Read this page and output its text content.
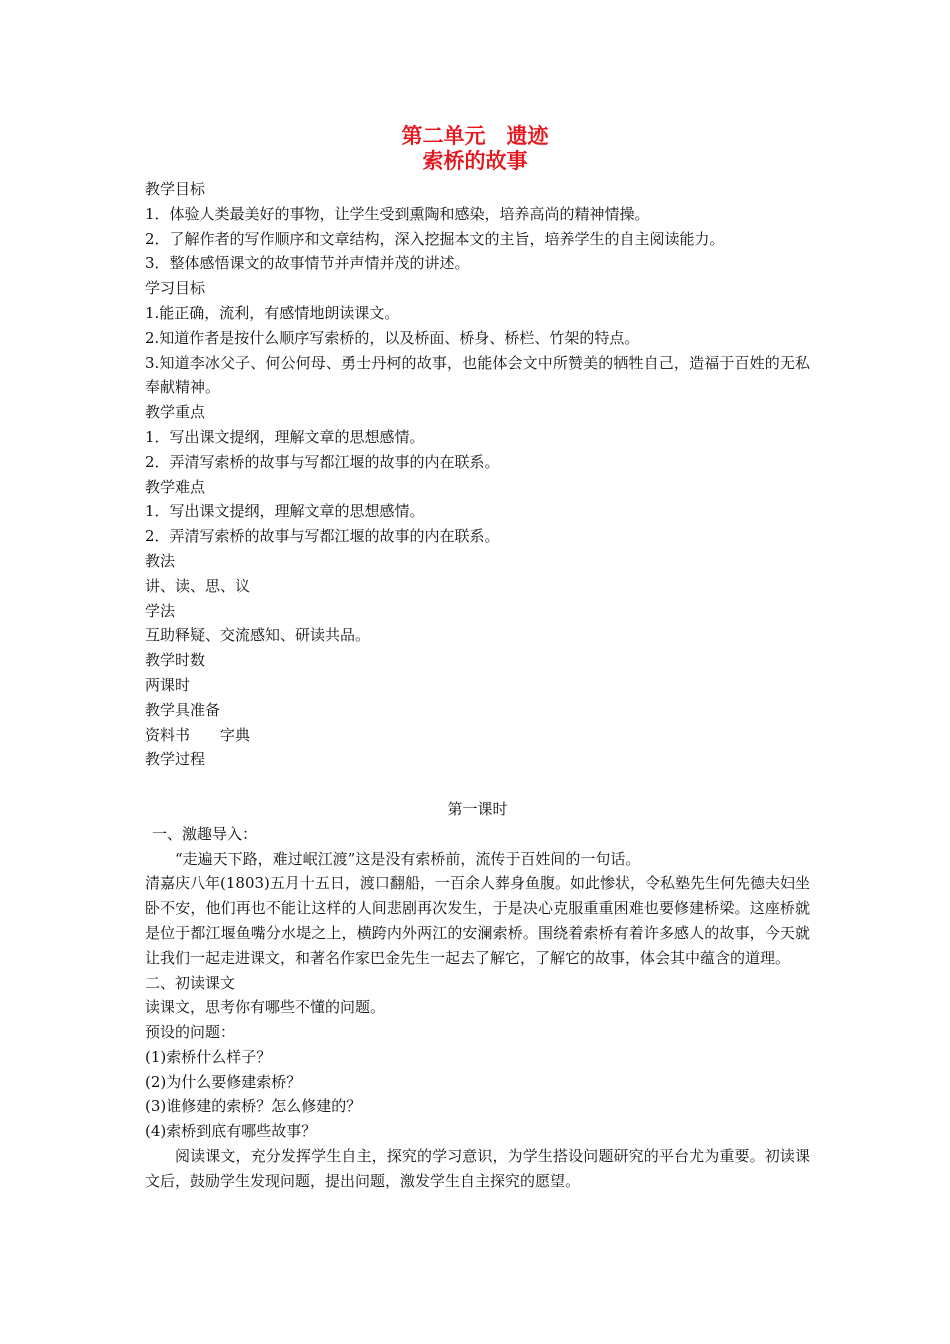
第二单元　遗迹
索桥的故事
教学目标
1．体验人类最美好的事物，让学生受到熏陶和感染，培养高尚的精神情操。
2．了解作者的写作顺序和文章结构，深入挖掘本文的主旨，培养学生的自主阅读能力。
3．整体感悟课文的故事情节并声情并茂的讲述。
学习目标
1.能正确，流利，有感情地朗读课文。
2.知道作者是按什么顺序写索桥的，以及桥面、桥身、桥栏、竹架的特点。
3.知道李冰父子、何公何母、勇士丹柯的故事，也能体会文中所赞美的牺牲自己，造福于百姓的无私奉献精神。
教学重点
1．写出课文提纲，理解文章的思想感情。
2．弄清写索桥的故事与写都江堰的故事的内在联系。
教学难点
1．写出课文提纲，理解文章的思想感情。
2．弄清写索桥的故事与写都江堰的故事的内在联系。
教法
讲、读、思、议
学法
互助释疑、交流感知、研读共品。
教学时数
两课时
教学具准备
资料书　　字典
教学过程
第一课时
一、激趣导入：
“走遍天下路，难过岷江渡”这是没有索桥前，流传于百姓间的一句话。
清嘉庆八年(1803)五月十五日，渡口翻船，一百余人葬身鱼腹。如此惨状，令私塾先生何先德夫妇坐卧不安，他们再也不能让这样的人间悲剧再次发生，于是决心克服重重困难也要修建桥梁。这座桥就是位于都江堰鱼嘴分水堤之上，横跨内外两江的安澜索桥。围绕着索桥有着许多感人的故事，今天就让我们一起走进课文，和著名作家巴金先生一起去了解它，了解它的故事，体会其中蕴含的道理。
二、初读课文
读课文，思考你有哪些不懂的问题。
预设的问题：
(1)索桥什么样子？
(2)为什么要修建索桥？
(3)谁修建的索桥？怎么修建的？
(4)索桥到底有哪些故事？
阅读课文，充分发挥学生自主，探究的学习意识，为学生搭设问题研究的平台尤为重要。初读课文后，鼓励学生发现问题，提出问题，激发学生自主探究的愿望。
